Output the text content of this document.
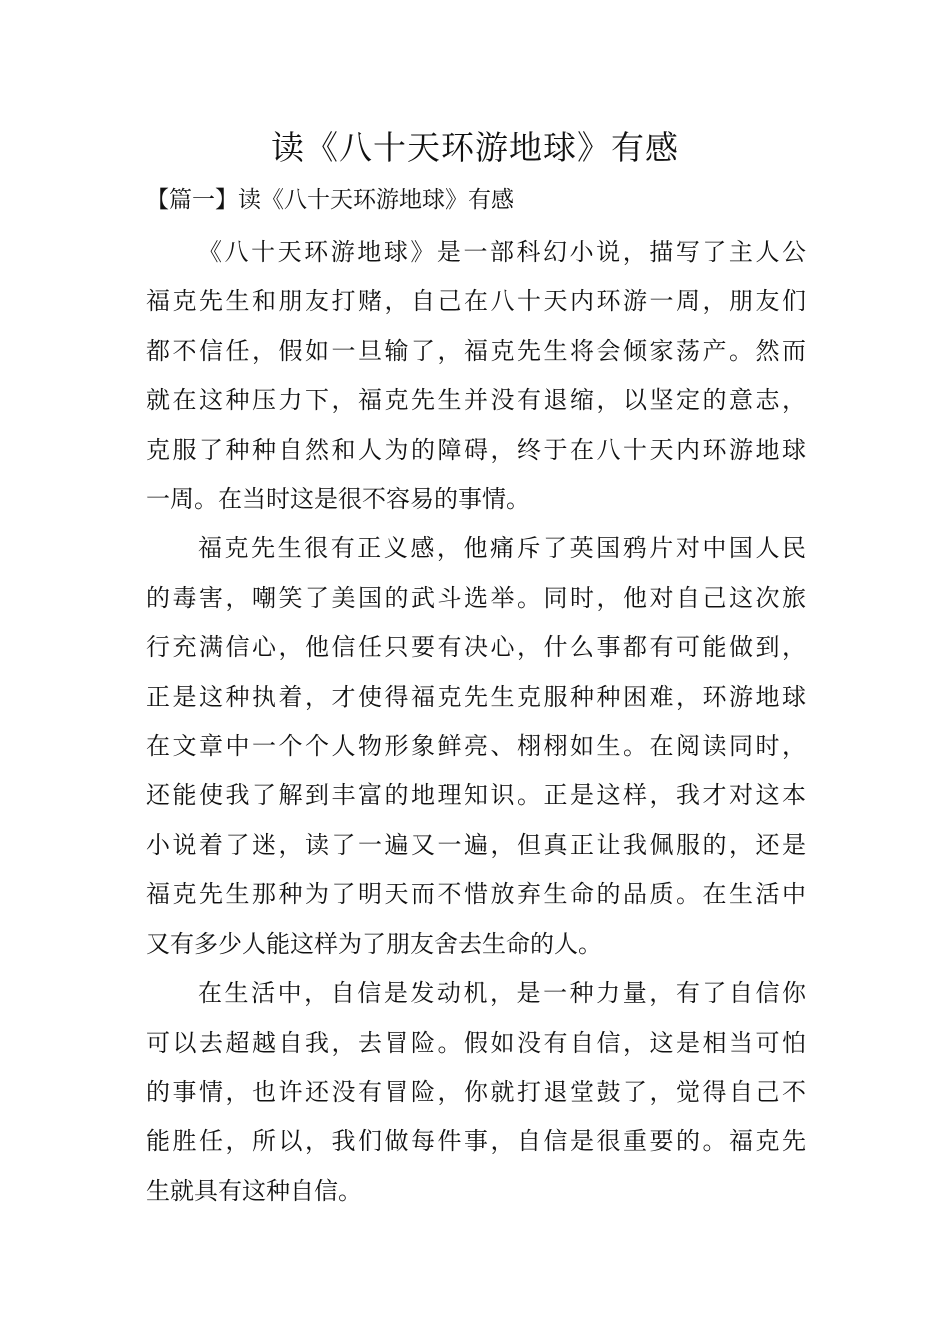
读《八十天环游地球》有感
【篇一】读《八十天环游地球》有感

《八十天环游地球》是一部科幻小说，描写了主人公
福克先生和朋友打赌，自己在八十天内环游一周，朋友们
都不信任，假如一旦输了，福克先生将会倾家荡产。然而
就在这种压力下，福克先生并没有退缩，以坚定的意志，
克服了种种自然和人为的障碍，终于在八十天内环游地球
一周。在当时这是很不容易的事情。

福克先生很有正义感，他痛斥了英国鸦片对中国人民
的毒害，嘲笑了美国的武斗选举。同时，他对自己这次旅
行充满信心，他信任只要有决心，什么事都有可能做到，
正是这种执着，才使得福克先生克服种种困难，环游地球
在文章中一个个人物形象鲜亮、栩栩如生。在阅读同时，
还能使我了解到丰富的地理知识。正是这样，我才对这本
小说着了迷，读了一遍又一遍，但真正让我佩服的，还是
福克先生那种为了明天而不惜放弃生命的品质。在生活中
又有多少人能这样为了朋友舍去生命的人。

在生活中，自信是发动机，是一种力量，有了自信你
可以去超越自我，去冒险。假如没有自信，这是相当可怕
的事情，也许还没有冒险，你就打退堂鼓了，觉得自己不
能胜任，所以，我们做每件事，自信是很重要的。福克先
生就具有这种自信。
